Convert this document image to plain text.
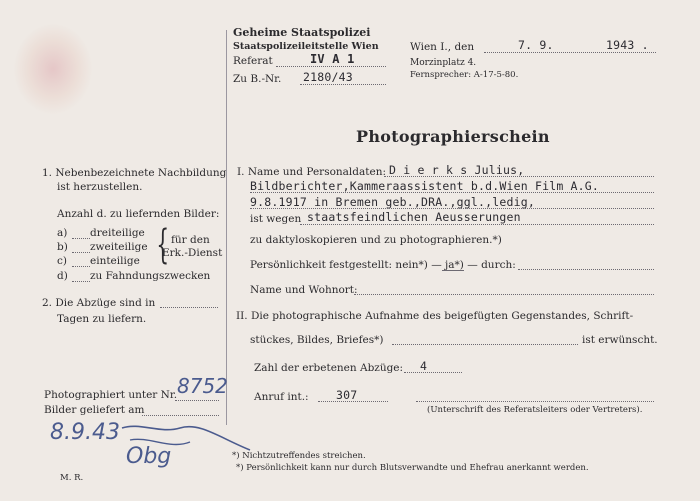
Geheime Staatspolizei
Staatspolizeileitstelle Wien
Referat	IV A 1
Zu B.-Nr. 2180/43
Wien I., den	7. 9.	1943 .
Morzinplatz 4.
Fernsprecher: A-17-5-80.
Photographierschein
1. Nebenbezeichnete Nachbildung
ist herzustellen.
Anzahl d. zu liefernden Bilder:
a) dreiteilige
b) zweiteilige
c) einteilige
d) zu Fahndungszwecken
{ für den
Erk.-Dienst
2. Die Abzüge sind in
Tagen zu liefern.
Photographiert unter Nr. 8752
Bilder geliefert am
8.9.43
Obg
M. R.
I. Name und Personaldaten: D i e r k s Julius,
Bildberichter,Kammeraassistent b.d.Wien Film A.G.
9.8.1917 in Bremen geb.,DRA.,ggl.,ledig,
ist wegen staatsfeindlichen Aeusserungen
zu daktyloskopieren und zu photographieren.*)
Persönlichkeit festgestellt: nein*) — ja*) — durch:
Name und Wohnort:
II. Die photographische Aufnahme des beigefügten Gegenstandes, Schrift-
stückes, Bildes, Briefes*)	ist erwünscht.
Zahl der erbetenen Abzüge: 4
Anruf int.: 307
(Unterschrift des Referatsleiters oder Vertreters).
*) Nichtzutreffendes streichen.
*) Persönlichkeit kann nur durch Blutsverwandte und Ehefrau anerkannt werden.
